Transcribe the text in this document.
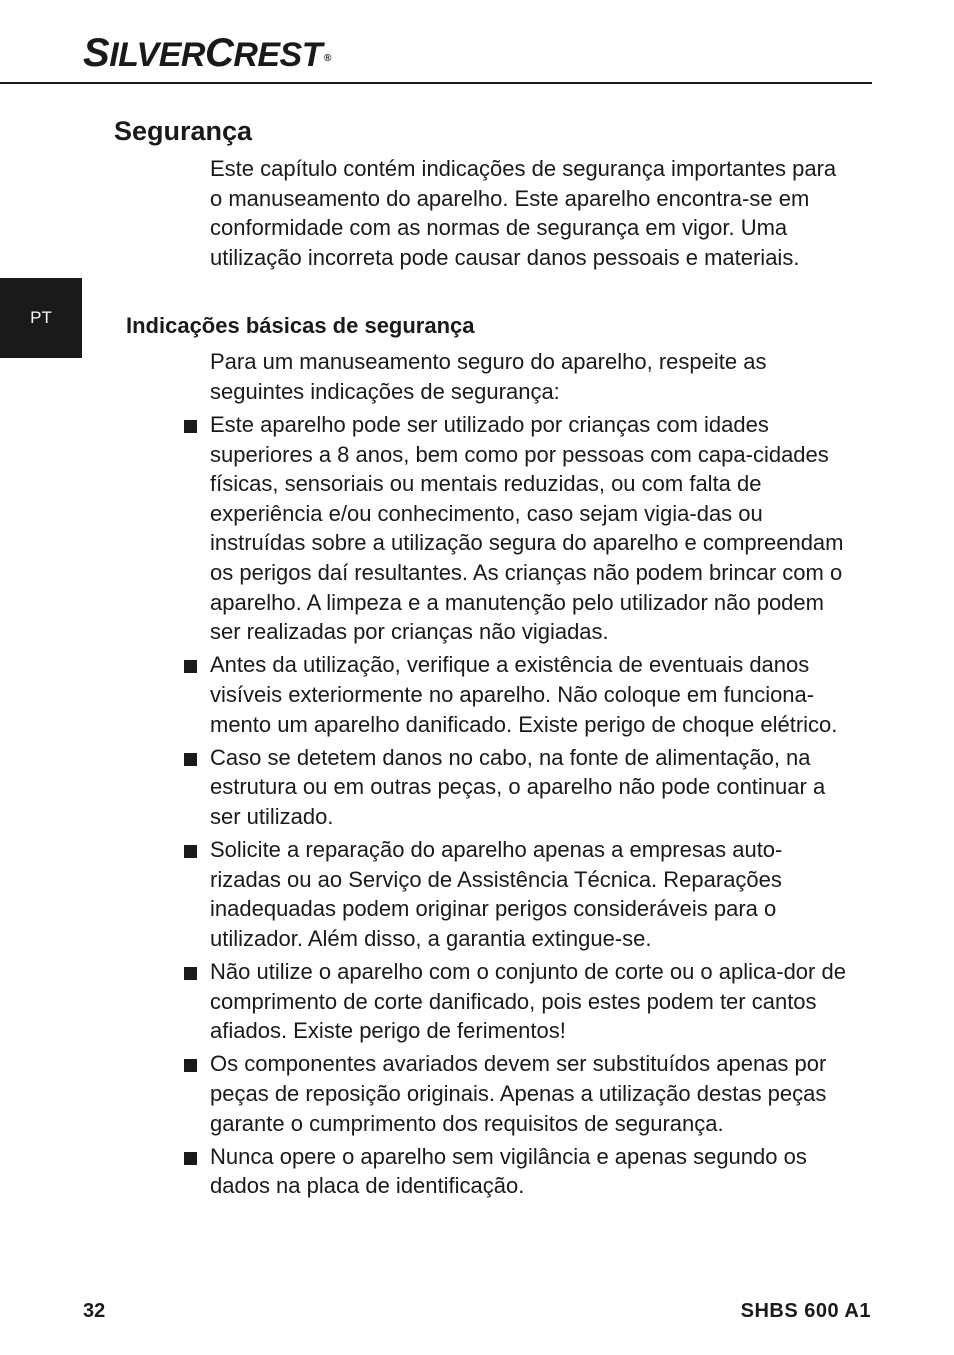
SILVERCREST ®
PT
Segurança

Este capítulo contém indicações de segurança importantes para o manuseamento do aparelho. Este aparelho encontra-se em conformidade com as normas de segurança em vigor. Uma utilização incorreta pode causar danos pessoais e materiais.

Indicações básicas de segurança

Para um manuseamento seguro do aparelho, respeite as seguintes indicações de segurança:

Este aparelho pode ser utilizado por crianças com idades superiores a 8 anos, bem como por pessoas com capa-cidades físicas, sensoriais ou mentais reduzidas, ou com falta de experiência e/ou conhecimento, caso sejam vigia-das ou instruídas sobre a utilização segura do aparelho e compreendam os perigos daí resultantes. As crianças não podem brincar com o aparelho. A limpeza e a manutenção pelo utilizador não podem ser realizadas por crianças não vigiadas.
Antes da utilização, verifique a existência de eventuais danos visíveis exteriormente no aparelho. Não coloque em funciona-mento um aparelho danificado. Existe perigo de choque elétrico.
Caso se detetem danos no cabo, na fonte de alimentação, na estrutura ou em outras peças, o aparelho não pode continuar a ser utilizado.
Solicite a reparação do aparelho apenas a empresas auto-rizadas ou ao Serviço de Assistência Técnica. Reparações inadequadas podem originar perigos consideráveis para o utilizador. Além disso, a garantia extingue-se.
Não utilize o aparelho com o conjunto de corte ou o aplica-dor de comprimento de corte danificado, pois estes podem ter cantos afiados. Existe perigo de ferimentos!
Os componentes avariados devem ser substituídos apenas por peças de reposição originais. Apenas a utilização destas peças garante o cumprimento dos requisitos de segurança.
Nunca opere o aparelho sem vigilância e apenas segundo os dados na placa de identificação.
32	SHBS 600 A1
